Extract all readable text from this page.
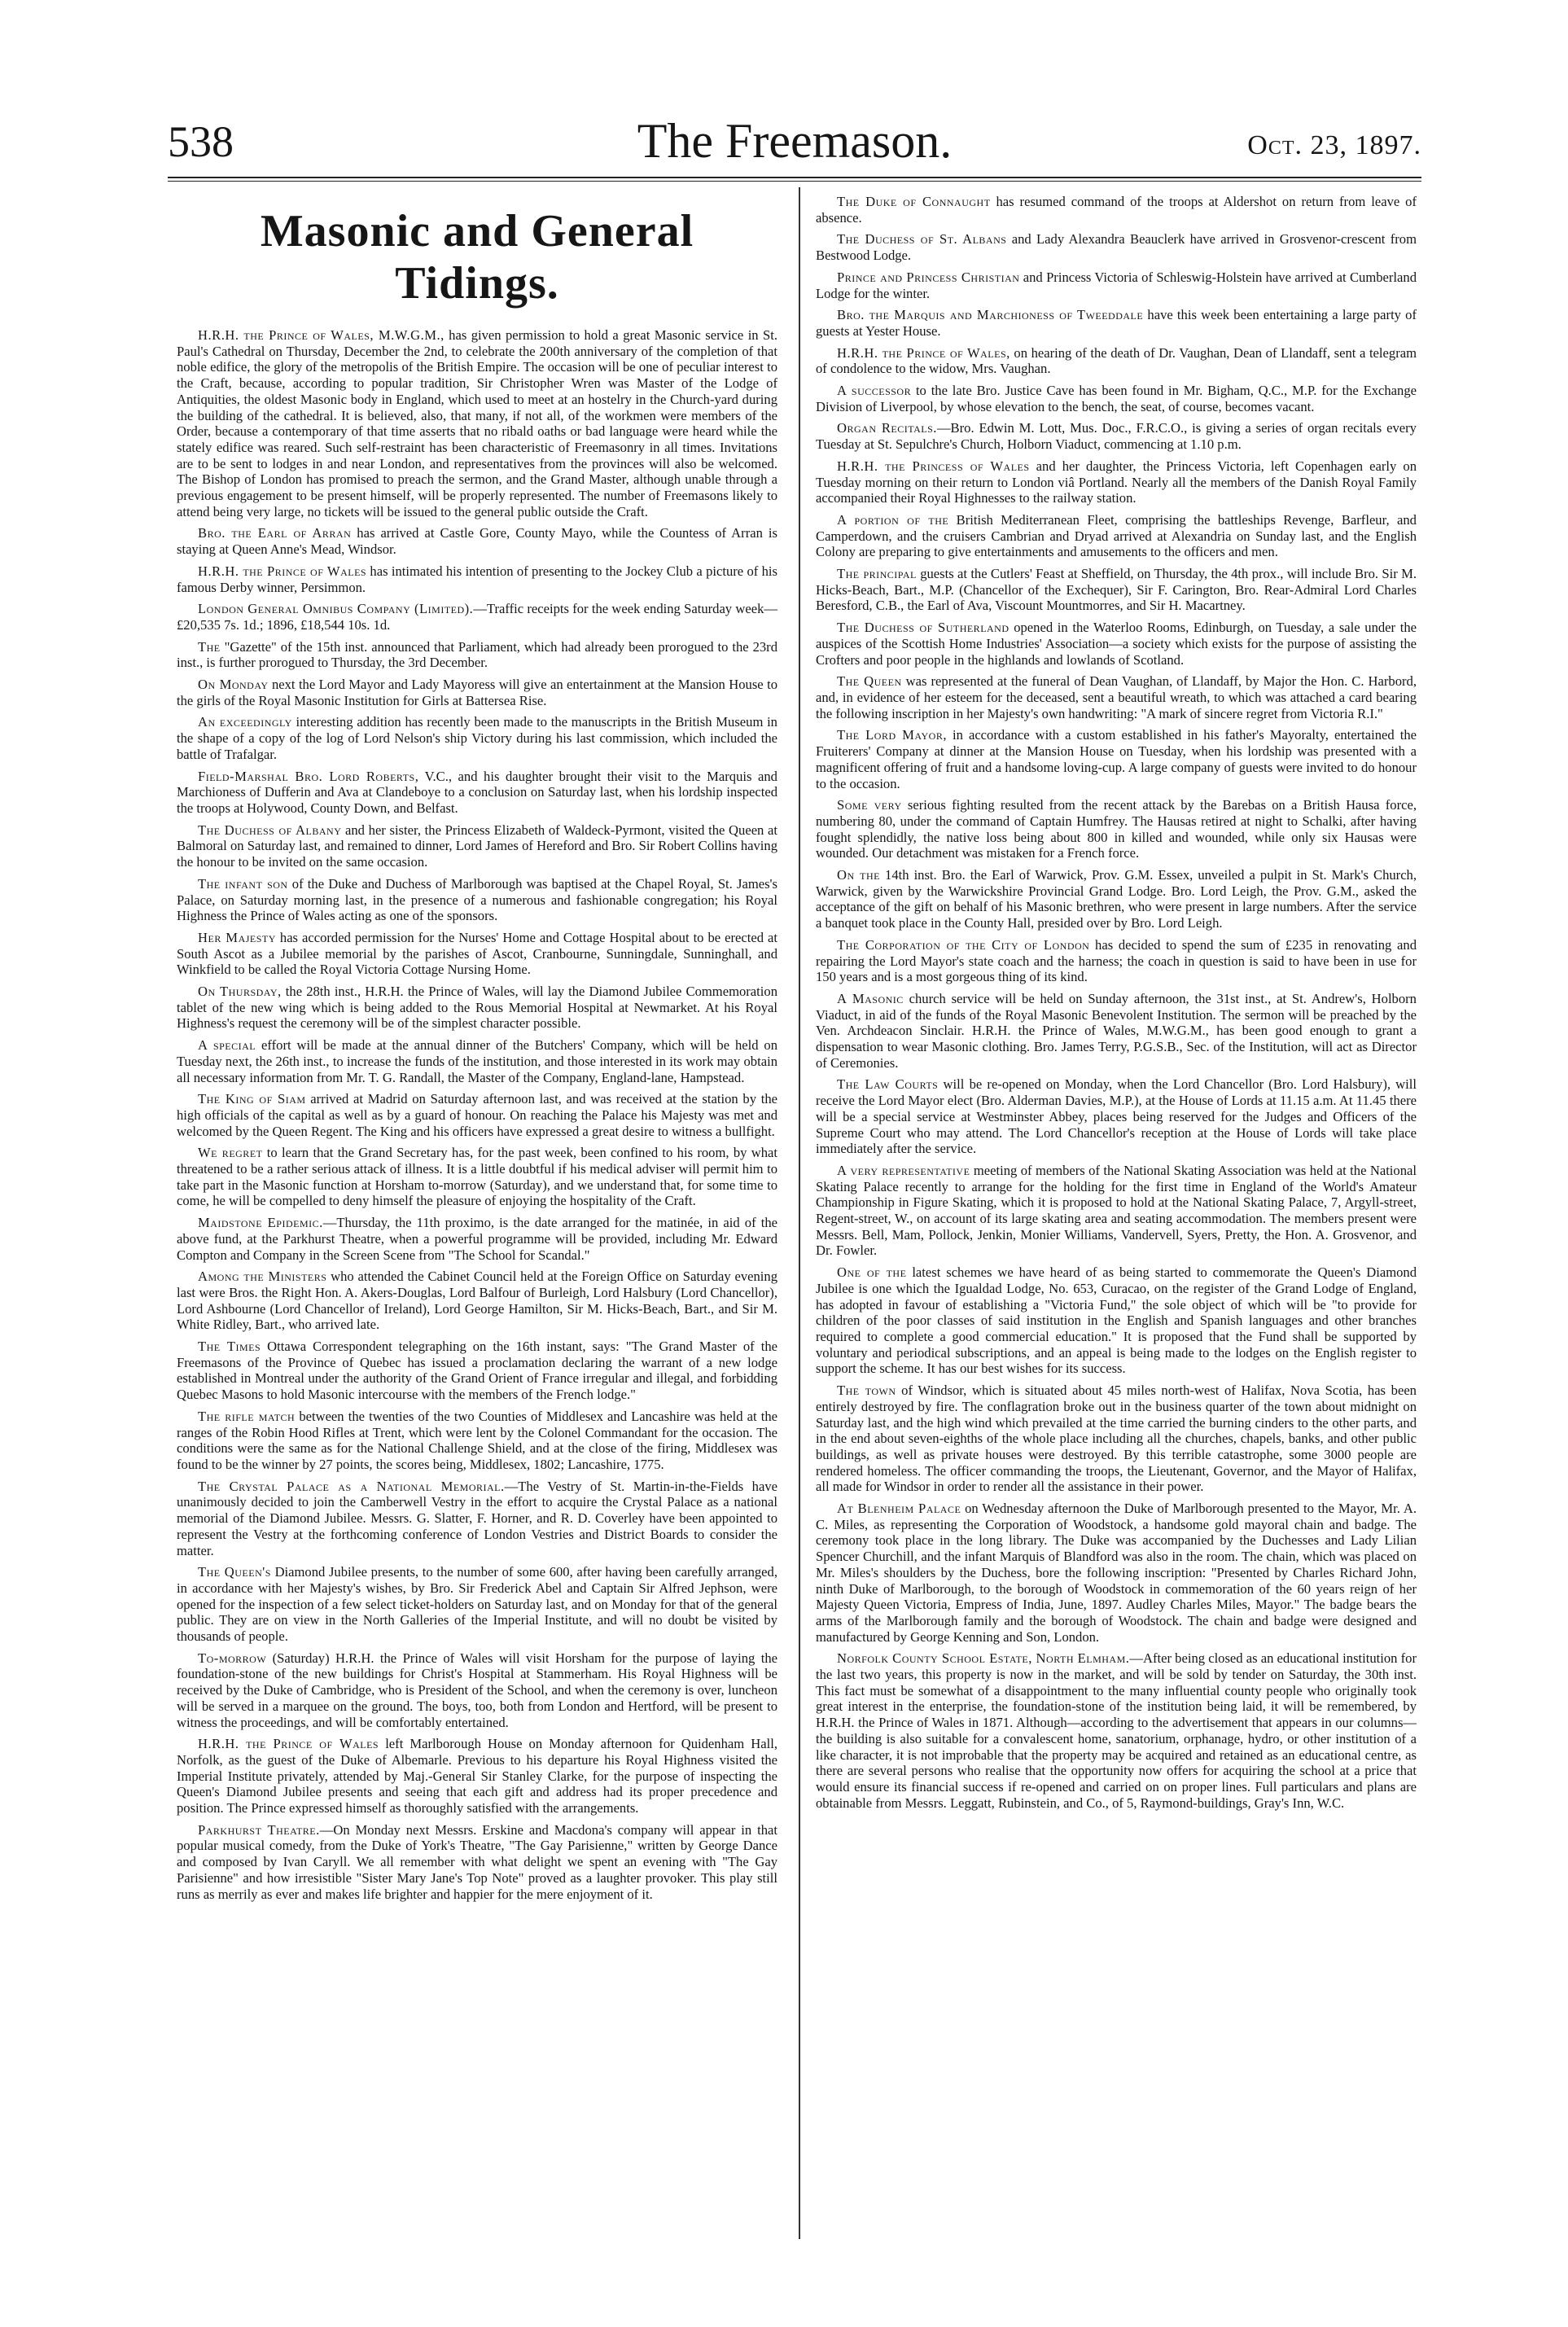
538	The Freemason.	Oct. 23, 1897.
Masonic and General Tidings.

H.R.H. the Prince of Wales, M.W.G.M., has given permission to hold a great Masonic service in St. Paul's Cathedral on Thursday, December the 2nd, to celebrate the 200th anniversary of the completion of that noble edifice, the glory of the metropolis of the British Empire. The occasion will be one of peculiar interest to the Craft, because, according to popular tradition, Sir Christopher Wren was Master of the Lodge of Antiquities, the oldest Masonic body in England, which used to meet at an hostelry in the Church-yard during the building of the cathedral. It is believed, also, that many, if not all, of the workmen were members of the Order, because a contemporary of that time asserts that no ribald oaths or bad language were heard while the stately edifice was reared. Such self-restraint has been characteristic of Freemasonry in all times. Invitations are to be sent to lodges in and near London, and representatives from the provinces will also be welcomed. The Bishop of London has promised to preach the sermon, and the Grand Master, although unable through a previous engagement to be present himself, will be properly represented. The number of Freemasons likely to attend being very large, no tickets will be issued to the general public outside the Craft.

Bro. the Earl of Arran has arrived at Castle Gore, County Mayo, while the Countess of Arran is staying at Queen Anne's Mead, Windsor.

H.R.H. the Prince of Wales has intimated his intention of presenting to the Jockey Club a picture of his famous Derby winner, Persimmon.

London General Omnibus Company (Limited).—Traffic receipts for the week ending Saturday week—£20,535 7s. 1d.; 1896, £18,544 10s. 1d.

The "Gazette" of the 15th inst. announced that Parliament, which had already been prorogued to the 23rd inst., is further prorogued to Thursday, the 3rd December.

On Monday next the Lord Mayor and Lady Mayoress will give an entertainment at the Mansion House to the girls of the Royal Masonic Institution for Girls at Battersea Rise.

An exceedingly interesting addition has recently been made to the manuscripts in the British Museum in the shape of a copy of the log of Lord Nelson's ship Victory during his last commission, which included the battle of Trafalgar.

Field-Marshal Bro. Lord Roberts, V.C., and his daughter brought their visit to the Marquis and Marchioness of Dufferin and Ava at Clandeboye to a conclusion on Saturday last, when his lordship inspected the troops at Holywood, County Down, and Belfast.

The Duchess of Albany and her sister, the Princess Elizabeth of Waldeck-Pyrmont, visited the Queen at Balmoral on Saturday last, and remained to dinner, Lord James of Hereford and Bro. Sir Robert Collins having the honour to be invited on the same occasion.

The infant son of the Duke and Duchess of Marlborough was baptised at the Chapel Royal, St. James's Palace, on Saturday morning last, in the presence of a numerous and fashionable congregation; his Royal Highness the Prince of Wales acting as one of the sponsors.

Her Majesty has accorded permission for the Nurses' Home and Cottage Hospital about to be erected at South Ascot as a Jubilee memorial by the parishes of Ascot, Cranbourne, Sunningdale, Sunninghall, and Winkfield to be called the Royal Victoria Cottage Nursing Home.

On Thursday, the 28th inst., H.R.H. the Prince of Wales, will lay the Diamond Jubilee Commemoration tablet of the new wing which is being added to the Rous Memorial Hospital at Newmarket. At his Royal Highness's request the ceremony will be of the simplest character possible.

A special effort will be made at the annual dinner of the Butchers' Company, which will be held on Tuesday next, the 26th inst., to increase the funds of the institution, and those interested in its work may obtain all necessary information from Mr. T. G. Randall, the Master of the Company, England-lane, Hampstead.

The King of Siam arrived at Madrid on Saturday afternoon last, and was received at the station by the high officials of the capital as well as by a guard of honour. On reaching the Palace his Majesty was met and welcomed by the Queen Regent. The King and his officers have expressed a great desire to witness a bullfight.

We regret to learn that the Grand Secretary has, for the past week, been confined to his room, by what threatened to be a rather serious attack of illness. It is a little doubtful if his medical adviser will permit him to take part in the Masonic function at Horsham to-morrow (Saturday), and we understand that, for some time to come, he will be compelled to deny himself the pleasure of enjoying the hospitality of the Craft.

Maidstone Epidemic.—Thursday, the 11th proximo, is the date arranged for the matinée, in aid of the above fund, at the Parkhurst Theatre, when a powerful programme will be provided, including Mr. Edward Compton and Company in the Screen Scene from "The School for Scandal."

Among the Ministers who attended the Cabinet Council held at the Foreign Office on Saturday evening last were Bros. the Right Hon. A. Akers-Douglas, Lord Balfour of Burleigh, Lord Halsbury (Lord Chancellor), Lord Ashbourne (Lord Chancellor of Ireland), Lord George Hamilton, Sir M. Hicks-Beach, Bart., and Sir M. White Ridley, Bart., who arrived late.

The Times Ottawa Correspondent telegraphing on the 16th instant, says: "The Grand Master of the Freemasons of the Province of Quebec has issued a proclamation declaring the warrant of a new lodge established in Montreal under the authority of the Grand Orient of France irregular and illegal, and forbidding Quebec Masons to hold Masonic intercourse with the members of the French lodge."

The rifle match between the twenties of the two Counties of Middlesex and Lancashire was held at the ranges of the Robin Hood Rifles at Trent, which were lent by the Colonel Commandant for the occasion. The conditions were the same as for the National Challenge Shield, and at the close of the firing, Middlesex was found to be the winner by 27 points, the scores being, Middlesex, 1802; Lancashire, 1775.

The Crystal Palace as a National Memorial.—The Vestry of St. Martin-in-the-Fields have unanimously decided to join the Camberwell Vestry in the effort to acquire the Crystal Palace as a national memorial of the Diamond Jubilee. Messrs. G. Slatter, F. Horner, and R. D. Coverley have been appointed to represent the Vestry at the forthcoming conference of London Vestries and District Boards to consider the matter.

The Queen's Diamond Jubilee presents, to the number of some 600, after having been carefully arranged, in accordance with her Majesty's wishes, by Bro. Sir Frederick Abel and Captain Sir Alfred Jephson, were opened for the inspection of a few select ticket-holders on Saturday last, and on Monday for that of the general public. They are on view in the North Galleries of the Imperial Institute, and will no doubt be visited by thousands of people.

To-morrow (Saturday) H.R.H. the Prince of Wales will visit Horsham for the purpose of laying the foundation-stone of the new buildings for Christ's Hospital at Stammerham. His Royal Highness will be received by the Duke of Cambridge, who is President of the School, and when the ceremony is over, luncheon will be served in a marquee on the ground. The boys, too, both from London and Hertford, will be present to witness the proceedings, and will be comfortably entertained.

H.R.H. the Prince of Wales left Marlborough House on Monday afternoon for Quidenham Hall, Norfolk, as the guest of the Duke of Albemarle. Previous to his departure his Royal Highness visited the Imperial Institute privately, attended by Maj.-General Sir Stanley Clarke, for the purpose of inspecting the Queen's Diamond Jubilee presents and seeing that each gift and address had its proper precedence and position. The Prince expressed himself as thoroughly satisfied with the arrangements.

Parkhurst Theatre.—On Monday next Messrs. Erskine and Macdona's company will appear in that popular musical comedy, from the Duke of York's Theatre, "The Gay Parisienne," written by George Dance and composed by Ivan Caryll. We all remember with what delight we spent an evening with "The Gay Parisienne" and how irresistible "Sister Mary Jane's Top Note" proved as a laughter provoker. This play still runs as merrily as ever and makes life brighter and happier for the mere enjoyment of it.

The Duke of Connaught has resumed command of the troops at Aldershot on return from leave of absence.

The Duchess of St. Albans and Lady Alexandra Beauclerk have arrived in Grosvenor-crescent from Bestwood Lodge.

Prince and Princess Christian and Princess Victoria of Schleswig-Holstein have arrived at Cumberland Lodge for the winter.

Bro. the Marquis and Marchioness of Tweeddale have this week been entertaining a large party of guests at Yester House.

H.R.H. the Prince of Wales, on hearing of the death of Dr. Vaughan, Dean of Llandaff, sent a telegram of condolence to the widow, Mrs. Vaughan.

A successor to the late Bro. Justice Cave has been found in Mr. Bigham, Q.C., M.P. for the Exchange Division of Liverpool, by whose elevation to the bench, the seat, of course, becomes vacant.

Organ Recitals.—Bro. Edwin M. Lott, Mus. Doc., F.R.C.O., is giving a series of organ recitals every Tuesday at St. Sepulchre's Church, Holborn Viaduct, commencing at 1.10 p.m.

H.R.H. the Princess of Wales and her daughter, the Princess Victoria, left Copenhagen early on Tuesday morning on their return to London viâ Portland. Nearly all the members of the Danish Royal Family accompanied their Royal Highnesses to the railway station.

A portion of the British Mediterranean Fleet, comprising the battleships Revenge, Barfleur, and Camperdown, and the cruisers Cambrian and Dryad arrived at Alexandria on Sunday last, and the English Colony are preparing to give entertainments and amusements to the officers and men.

The principal guests at the Cutlers' Feast at Sheffield, on Thursday, the 4th prox., will include Bro. Sir M. Hicks-Beach, Bart., M.P. (Chancellor of the Exchequer), Sir F. Carington, Bro. Rear-Admiral Lord Charles Beresford, C.B., the Earl of Ava, Viscount Mountmorres, and Sir H. Macartney.

The Duchess of Sutherland opened in the Waterloo Rooms, Edinburgh, on Tuesday, a sale under the auspices of the Scottish Home Industries' Association—a society which exists for the purpose of assisting the Crofters and poor people in the highlands and lowlands of Scotland.

The Queen was represented at the funeral of Dean Vaughan, of Llandaff, by Major the Hon. C. Harbord, and, in evidence of her esteem for the deceased, sent a beautiful wreath, to which was attached a card bearing the following inscription in her Majesty's own handwriting: "A mark of sincere regret from Victoria R.I."

The Lord Mayor, in accordance with a custom established in his father's Mayoralty, entertained the Fruiterers' Company at dinner at the Mansion House on Tuesday, when his lordship was presented with a magnificent offering of fruit and a handsome loving-cup. A large company of guests were invited to do honour to the occasion.

Some very serious fighting resulted from the recent attack by the Barebas on a British Hausa force, numbering 80, under the command of Captain Humfrey. The Hausas retired at night to Schalki, after having fought splendidly, the native loss being about 800 in killed and wounded, while only six Hausas were wounded. Our detachment was mistaken for a French force.

On the 14th inst. Bro. the Earl of Warwick, Prov. G.M. Essex, unveiled a pulpit in St. Mark's Church, Warwick, given by the Warwickshire Provincial Grand Lodge. Bro. Lord Leigh, the Prov. G.M., asked the acceptance of the gift on behalf of his Masonic brethren, who were present in large numbers. After the service a banquet took place in the County Hall, presided over by Bro. Lord Leigh.

The Corporation of the City of London has decided to spend the sum of £235 in renovating and repairing the Lord Mayor's state coach and the harness; the coach in question is said to have been in use for 150 years and is a most gorgeous thing of its kind.

A Masonic church service will be held on Sunday afternoon, the 31st inst., at St. Andrew's, Holborn Viaduct, in aid of the funds of the Royal Masonic Benevolent Institution. The sermon will be preached by the Ven. Archdeacon Sinclair. H.R.H. the Prince of Wales, M.W.G.M., has been good enough to grant a dispensation to wear Masonic clothing. Bro. James Terry, P.G.S.B., Sec. of the Institution, will act as Director of Ceremonies.

The Law Courts will be re-opened on Monday, when the Lord Chancellor (Bro. Lord Halsbury), will receive the Lord Mayor elect (Bro. Alderman Davies, M.P.), at the House of Lords at 11.15 a.m. At 11.45 there will be a special service at Westminster Abbey, places being reserved for the Judges and Officers of the Supreme Court who may attend. The Lord Chancellor's reception at the House of Lords will take place immediately after the service.

A very representative meeting of members of the National Skating Association was held at the National Skating Palace recently to arrange for the holding for the first time in England of the World's Amateur Championship in Figure Skating, which it is proposed to hold at the National Skating Palace, 7, Argyll-street, Regent-street, W., on account of its large skating area and seating accommodation. The members present were Messrs. Bell, Mam, Pollock, Jenkin, Monier Williams, Vandervell, Syers, Pretty, the Hon. A. Grosvenor, and Dr. Fowler.

One of the latest schemes we have heard of as being started to commemorate the Queen's Diamond Jubilee is one which the Igualdad Lodge, No. 653, Curacao, on the register of the Grand Lodge of England, has adopted in favour of establishing a "Victoria Fund," the sole object of which will be "to provide for children of the poor classes of said institution in the English and Spanish languages and other branches required to complete a good commercial education." It is proposed that the Fund shall be supported by voluntary and periodical subscriptions, and an appeal is being made to the lodges on the English register to support the scheme. It has our best wishes for its success.

The town of Windsor, which is situated about 45 miles north-west of Halifax, Nova Scotia, has been entirely destroyed by fire. The conflagration broke out in the business quarter of the town about midnight on Saturday last, and the high wind which prevailed at the time carried the burning cinders to the other parts, and in the end about seven-eighths of the whole place including all the churches, chapels, banks, and other public buildings, as well as private houses were destroyed. By this terrible catastrophe, some 3000 people are rendered homeless. The officer commanding the troops, the Lieutenant, Governor, and the Mayor of Halifax, all made for Windsor in order to render all the assistance in their power.

At Blenheim Palace on Wednesday afternoon the Duke of Marlborough presented to the Mayor, Mr. A. C. Miles, as representing the Corporation of Woodstock, a handsome gold mayoral chain and badge. The ceremony took place in the long library. The Duke was accompanied by the Duchesses and Lady Lilian Spencer Churchill, and the infant Marquis of Blandford was also in the room. The chain, which was placed on Mr. Miles's shoulders by the Duchess, bore the following inscription: "Presented by Charles Richard John, ninth Duke of Marlborough, to the borough of Woodstock in commemoration of the 60 years reign of her Majesty Queen Victoria, Empress of India, June, 1897. Audley Charles Miles, Mayor." The badge bears the arms of the Marlborough family and the borough of Woodstock. The chain and badge were designed and manufactured by George Kenning and Son, London.

Norfolk County School Estate, North Elmham.—After being closed as an educational institution for the last two years, this property is now in the market, and will be sold by tender on Saturday, the 30th inst. This fact must be somewhat of a disappointment to the many influential county people who originally took great interest in the enterprise, the foundation-stone of the institution being laid, it will be remembered, by H.R.H. the Prince of Wales in 1871. Although—according to the advertisement that appears in our columns—the building is also suitable for a convalescent home, sanatorium, orphanage, hydro, or other institution of a like character, it is not improbable that the property may be acquired and retained as an educational centre, as there are several persons who realise that the opportunity now offers for acquiring the school at a price that would ensure its financial success if re-opened and carried on on proper lines. Full particulars and plans are obtainable from Messrs. Leggatt, Rubinstein, and Co., of 5, Raymond-buildings, Gray's Inn, W.C.
